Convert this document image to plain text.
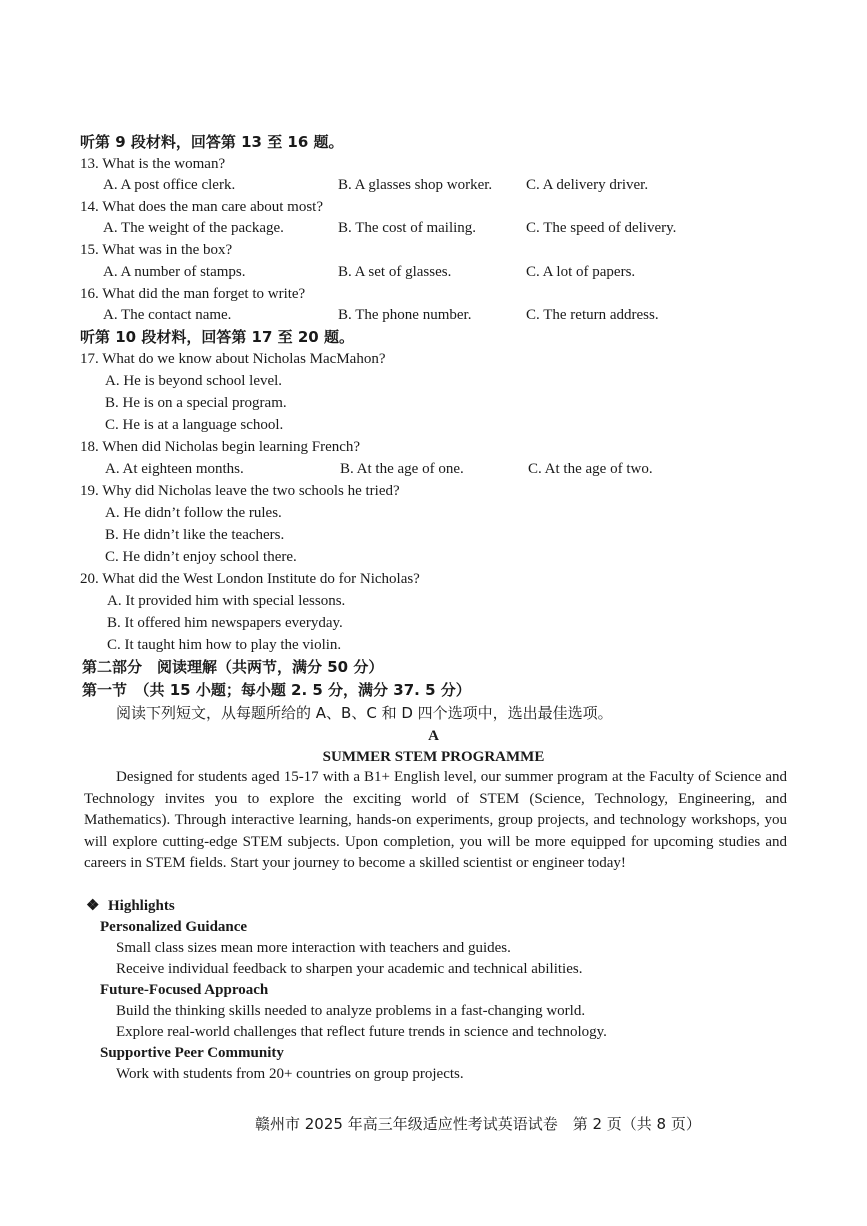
听第 9 段材料，回答第 13 至 16 题。
13. What is the woman?
A. A post office clerk.	B. A glasses shop worker. C. A delivery driver.
14. What does the man care about most?
A. The weight of the package.	B. The cost of mailing.	C. The speed of delivery.
15. What was in the box?
A. A number of stamps.	B. A set of glasses.	C. A lot of papers.
16. What did the man forget to write?
A. The contact name.	B. The phone number.	C. The return address.
听第 10 段材料，回答第 17 至 20 题。
17. What do we know about Nicholas MacMahon?
A. He is beyond school level.
B. He is on a special program.
C. He is at a language school.
18. When did Nicholas begin learning French?
A. At eighteen months.	B. At the age of one.	C. At the age of two.
19. Why did Nicholas leave the two schools he tried?
A. He didn’t follow the rules.
B. He didn’t like the teachers.
C. He didn’t enjoy school there.
20. What did the West London Institute do for Nicholas?
A. It provided him with special lessons.
B. It offered him newspapers everyday.
C. It taught him how to play the violin.
第二部分　阅读理解（共两节，满分 50 分）
第一节　（共 15 小题；每小题 2. 5 分，满分 37. 5 分）
阅读下列短文，从每题所给的 A、B、C 和 D 四个选项中，选出最佳选项。
A
SUMMER STEM PROGRAMME
Designed for students aged 15-17 with a B1+ English level, our summer program at the Faculty of Science and Technology invites you to explore the exciting world of STEM (Science, Technology, Engineering, and Mathematics). Through interactive learning, hands-on experiments, group projects, and technology workshops, you will explore cutting-edge STEM subjects. Upon completion, you will be more equipped for upcoming studies and careers in STEM fields. Start your journey to become a skilled scientist or engineer today!
❖ Highlights
Personalized Guidance
Small class sizes mean more interaction with teachers and guides.
Receive individual feedback to sharpen your academic and technical abilities.
Future-Focused Approach
Build the thinking skills needed to analyze problems in a fast-changing world.
Explore real-world challenges that reflect future trends in science and technology.
Supportive Peer Community
Work with students from 20+ countries on group projects.
赣州市 2025 年高三年级适应性考试英语试卷　第 2 页（共 8 页）
